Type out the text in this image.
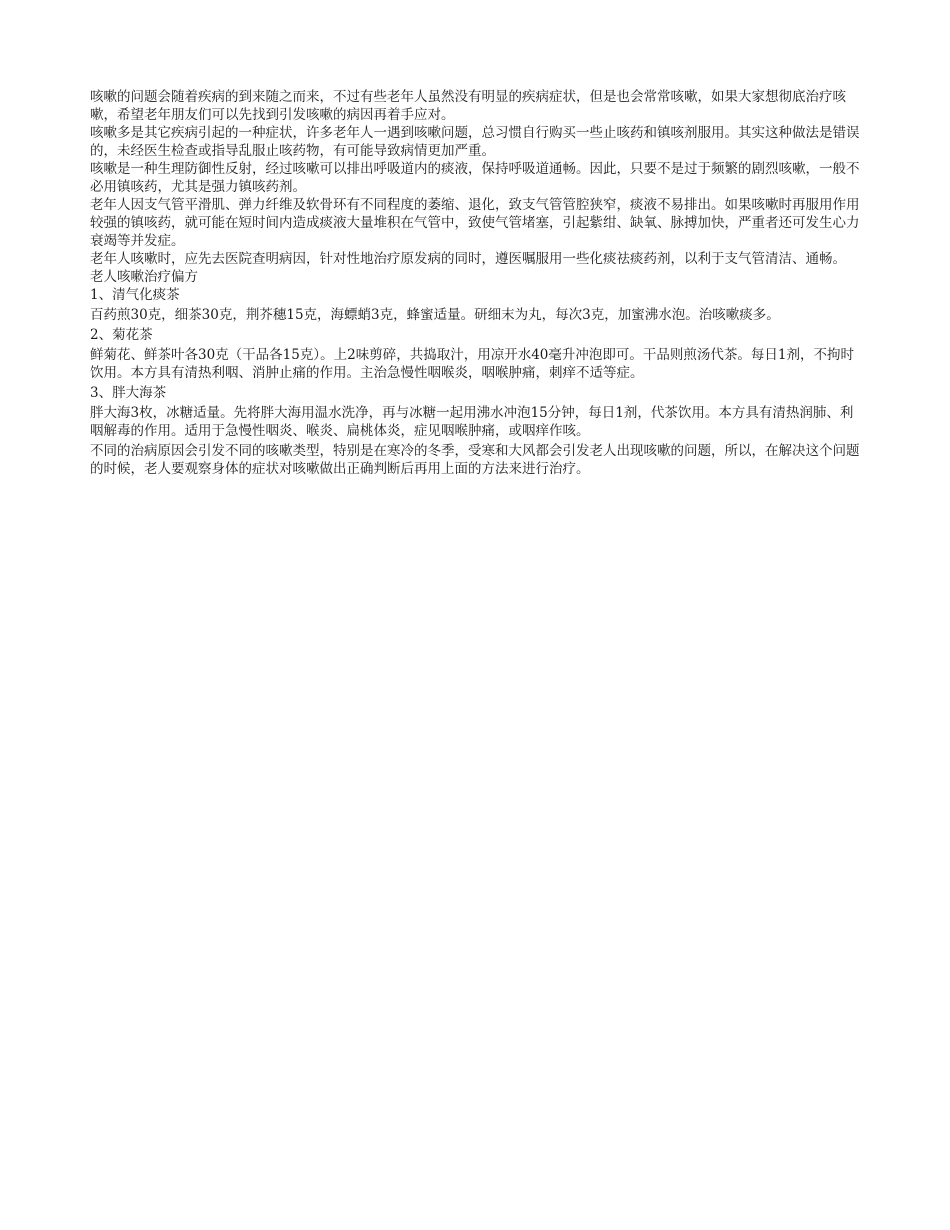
咳嗽的问题会随着疾病的到来随之而来，不过有些老年人虽然没有明显的疾病症状，但是也会常常咳嗽，如果大家想彻底治疗咳嗽，希望老年朋友们可以先找到引发咳嗽的病因再着手应对。

咳嗽多是其它疾病引起的一种症状，许多老年人一遇到咳嗽问题，总习惯自行购买一些止咳药和镇咳剂服用。其实这种做法是错误的，未经医生检查或指导乱服止咳药物，有可能导致病情更加严重。

咳嗽是一种生理防御性反射，经过咳嗽可以排出呼吸道内的痰液，保持呼吸道通畅。因此，只要不是过于频繁的剧烈咳嗽，一般不必用镇咳药，尤其是强力镇咳药剂。

老年人因支气管平滑肌、弹力纤维及软骨环有不同程度的萎缩、退化，致支气管管腔狭窄，痰液不易排出。如果咳嗽时再服用作用较强的镇咳药，就可能在短时间内造成痰液大量堆积在气管中，致使气管堵塞，引起紫绀、缺氧、脉搏加快，严重者还可发生心力衰竭等并发症。

老年人咳嗽时，应先去医院查明病因，针对性地治疗原发病的同时，遵医嘱服用一些化痰祛痰药剂，以利于支气管清洁、通畅。

老人咳嗽治疗偏方

1、清气化痰茶

百药煎30克，细茶30克，荆芥穗15克，海螵蛸3克，蜂蜜适量。研细末为丸，每次3克，加蜜沸水泡。治咳嗽痰多。

2、菊花茶

鲜菊花、鲜茶叶各30克（干品各15克）。上2味剪碎，共捣取汁，用凉开水40毫升冲泡即可。干品则煎汤代茶。每日1剂，不拘时饮用。本方具有清热利咽、消肿止痛的作用。主治急慢性咽喉炎，咽喉肿痛，刺痒不适等症。

3、胖大海茶

胖大海3枚，冰糖适量。先将胖大海用温水洗净，再与冰糖一起用沸水冲泡15分钟，每日1剂，代茶饮用。本方具有清热润肺、利咽解毒的作用。适用于急慢性咽炎、喉炎、扁桃体炎，症见咽喉肿痛，或咽痒作咳。

不同的治病原因会引发不同的咳嗽类型，特别是在寒冷的冬季，受寒和大风都会引发老人出现咳嗽的问题，所以，在解决这个问题的时候，老人要观察身体的症状对咳嗽做出正确判断后再用上面的方法来进行治疗。
